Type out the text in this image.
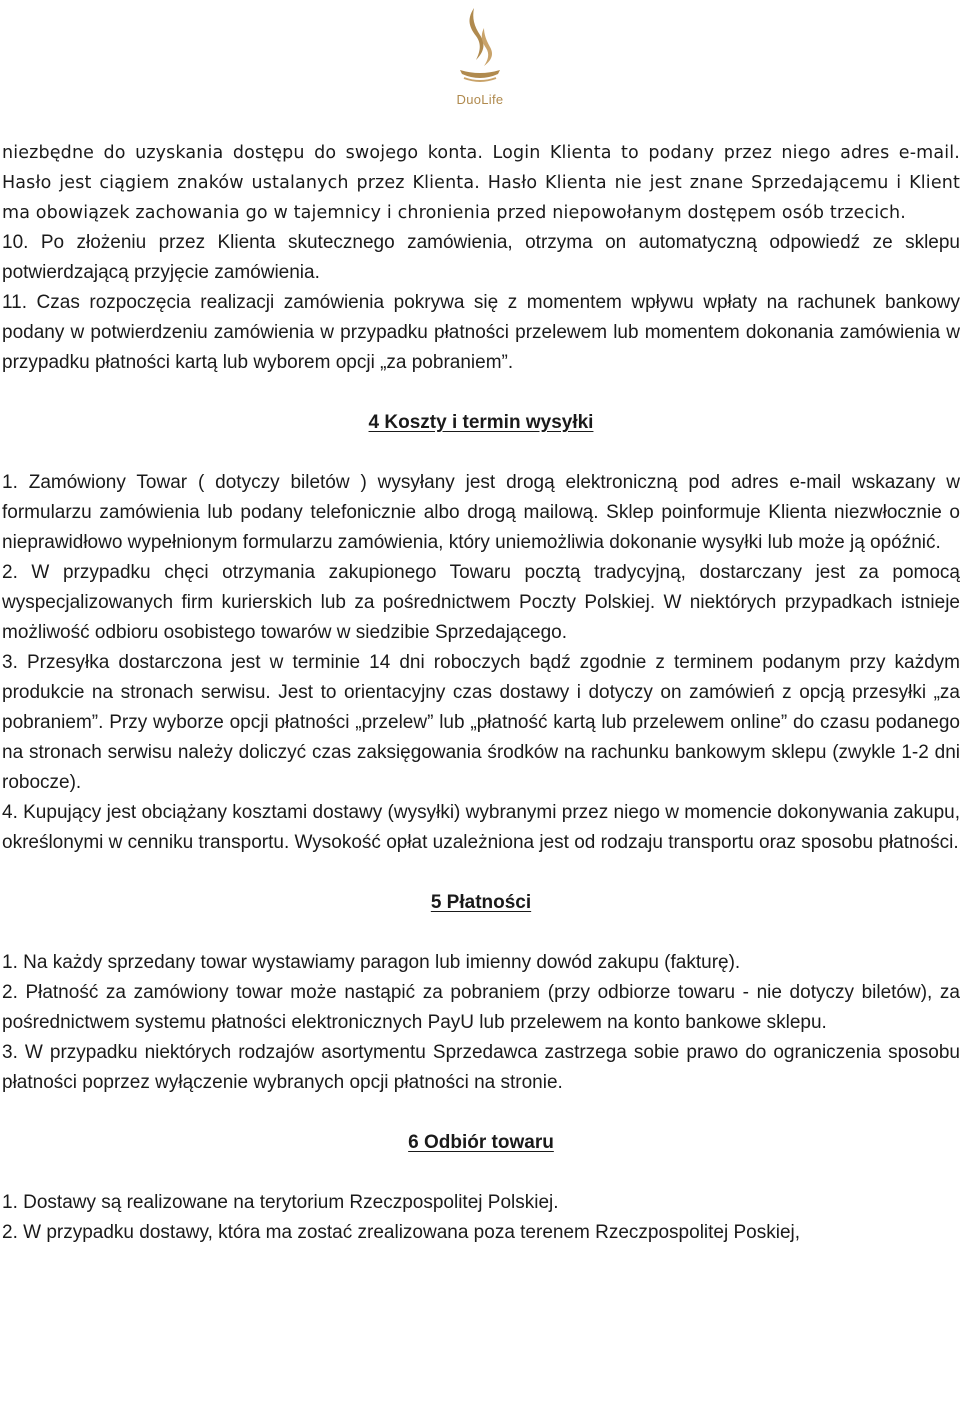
DuoLife

niezbędne do uzyskania dostępu do swojego konta. Login Klienta to podany przez niego adres e-mail. Hasło jest ciągiem znaków ustalanych przez Klienta. Hasło Klienta nie jest znane Sprzedającemu i Klient ma obowiązek zachowania go w tajemnicy i chronienia przed niepowołanym dostępem osób trzecich.

10. Po złożeniu przez Klienta skutecznego zamówienia, otrzyma on automatyczną odpowiedź ze sklepu potwierdzającą przyjęcie zamówienia.

11. Czas rozpoczęcia realizacji zamówienia pokrywa się z momentem wpływu wpłaty na rachunek bankowy podany w potwierdzeniu zamówienia w przypadku płatności przelewem lub momentem dokonania zamówienia w przypadku płatności kartą lub wyborem opcji „za pobraniem”.

4 Koszty i termin wysyłki

1. Zamówiony Towar ( dotyczy biletów ) wysyłany jest drogą elektroniczną pod adres e-mail wskazany w formularzu zamówienia lub podany telefonicznie albo drogą mailową. Sklep poinformuje Klienta niezwłocznie o nieprawidłowo wypełnionym formularzu zamówienia, który uniemożliwia dokonanie wysyłki lub może ją opóźnić.

2. W przypadku chęci otrzymania zakupionego Towaru pocztą tradycyjną, dostarczany jest za pomocą wyspecjalizowanych firm kurierskich lub za pośrednictwem Poczty Polskiej. W niektórych przypadkach istnieje możliwość odbioru osobistego towarów w siedzibie Sprzedającego.

3. Przesyłka dostarczona jest w terminie 14 dni roboczych bądź zgodnie z terminem podanym przy każdym produkcie na stronach serwisu. Jest to orientacyjny czas dostawy i dotyczy on zamówień z opcją przesyłki „za pobraniem”. Przy wyborze opcji płatności „przelew” lub „płatność kartą lub przelewem online” do czasu podanego na stronach serwisu należy doliczyć czas zaksięgowania środków na rachunku bankowym sklepu (zwykle 1-2 dni robocze).

4. Kupujący jest obciążany kosztami dostawy (wysyłki) wybranymi przez niego w momencie dokonywania zakupu, określonymi w cenniku transportu. Wysokość opłat uzależniona jest od rodzaju transportu oraz sposobu płatności.

5 Płatności

1. Na każdy sprzedany towar wystawiamy paragon lub imienny dowód zakupu (fakturę).

2. Płatność za zamówiony towar może nastąpić za pobraniem (przy odbiorze towaru - nie dotyczy biletów), za pośrednictwem systemu płatności elektronicznych PayU lub przelewem na konto bankowe sklepu.

3. W przypadku niektórych rodzajów asortymentu Sprzedawca zastrzega sobie prawo do ograniczenia sposobu płatności poprzez wyłączenie wybranych opcji płatności na stronie.

6 Odbiór towaru

1. Dostawy są realizowane na terytorium Rzeczpospolitej Polskiej.

2. W przypadku dostawy, która ma zostać zrealizowana poza terenem Rzeczpospolitej Poskiej,
